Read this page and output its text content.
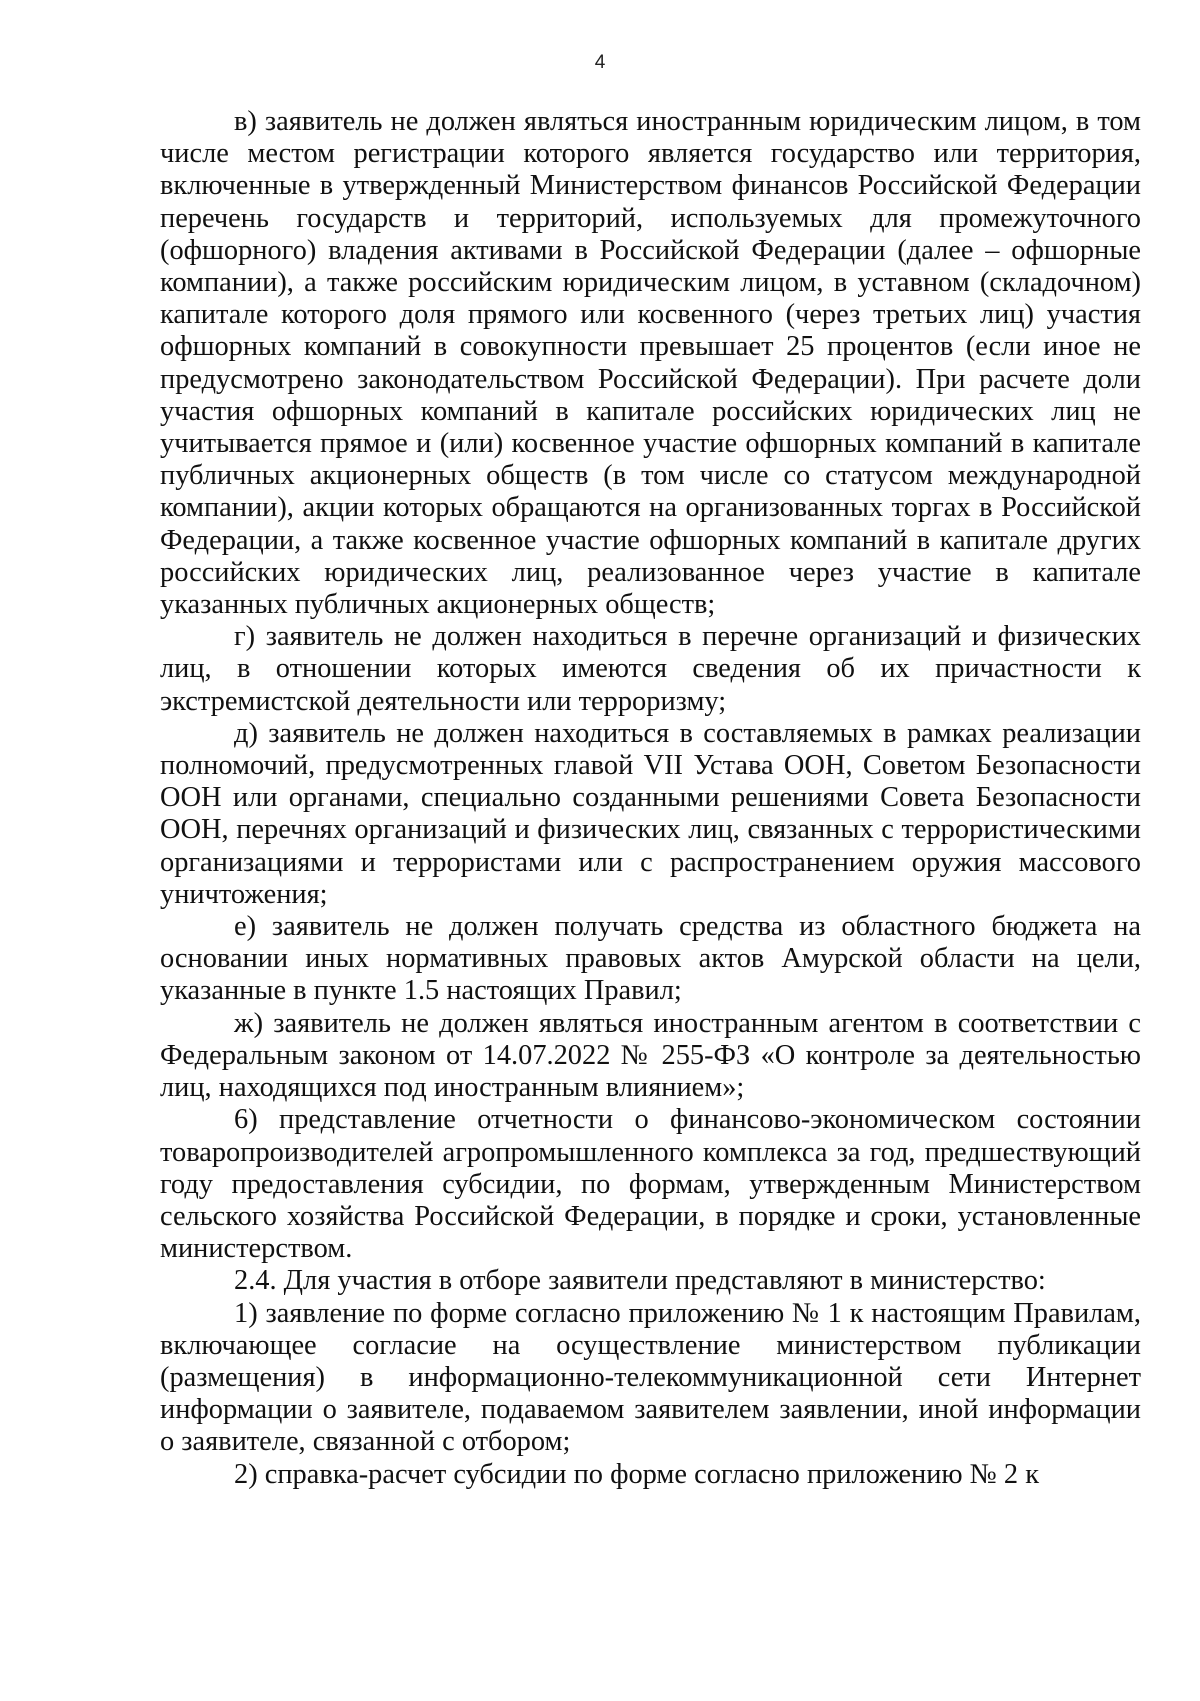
4

в) заявитель не должен являться иностранным юридическим лицом, в том числе местом регистрации которого является государство или территория, включенные в утвержденный Министерством финансов Российской Федерации перечень государств и территорий, используемых для промежуточного (офшорного) владения активами в Российской Федерации (далее – офшорные компании), а также российским юридическим лицом, в уставном (складочном) капитале которого доля прямого или косвенного (через третьих лиц) участия офшорных компаний в совокупности превышает 25 процентов (если иное не предусмотрено законодательством Российской Федерации). При расчете доли участия офшорных компаний в капитале российских юридических лиц не учитывается прямое и (или) косвенное участие офшорных компаний в капитале публичных акционерных обществ (в том числе со статусом международной компании), акции которых обращаются на организованных торгах в Российской Федерации, а также косвенное участие офшорных компаний в капитале других российских юридических лиц, реализованное через участие в капитале указанных публичных акционерных обществ;

г) заявитель не должен находиться в перечне организаций и физических лиц, в отношении которых имеются сведения об их причастности к экстремистской деятельности или терроризму;

д) заявитель не должен находиться в составляемых в рамках реализации полномочий, предусмотренных главой VII Устава ООН, Советом Безопасности ООН или органами, специально созданными решениями Совета Безопасности ООН, перечнях организаций и физических лиц, связанных с террористическими организациями и террористами или с распространением оружия массового уничтожения;

е) заявитель не должен получать средства из областного бюджета на основании иных нормативных правовых актов Амурской области на цели, указанные в пункте 1.5 настоящих Правил;

ж) заявитель не должен являться иностранным агентом в соответствии с Федеральным законом от 14.07.2022 № 255-ФЗ «О контроле за деятельностью лиц, находящихся под иностранным влиянием»;

6) представление отчетности о финансово-экономическом состоянии товаропроизводителей агропромышленного комплекса за год, предшествующий году предоставления субсидии, по формам, утвержденным Министерством сельского хозяйства Российской Федерации, в порядке и сроки, установленные министерством.

2.4. Для участия в отборе заявители представляют в министерство:

1) заявление по форме согласно приложению № 1 к настоящим Правилам, включающее согласие на осуществление министерством публикации (размещения) в информационно-телекоммуникационной сети Интернет информации о заявителе, подаваемом заявителем заявлении, иной информации о заявителе, связанной с отбором;

2) справка-расчет субсидии по форме согласно приложению № 2 к
